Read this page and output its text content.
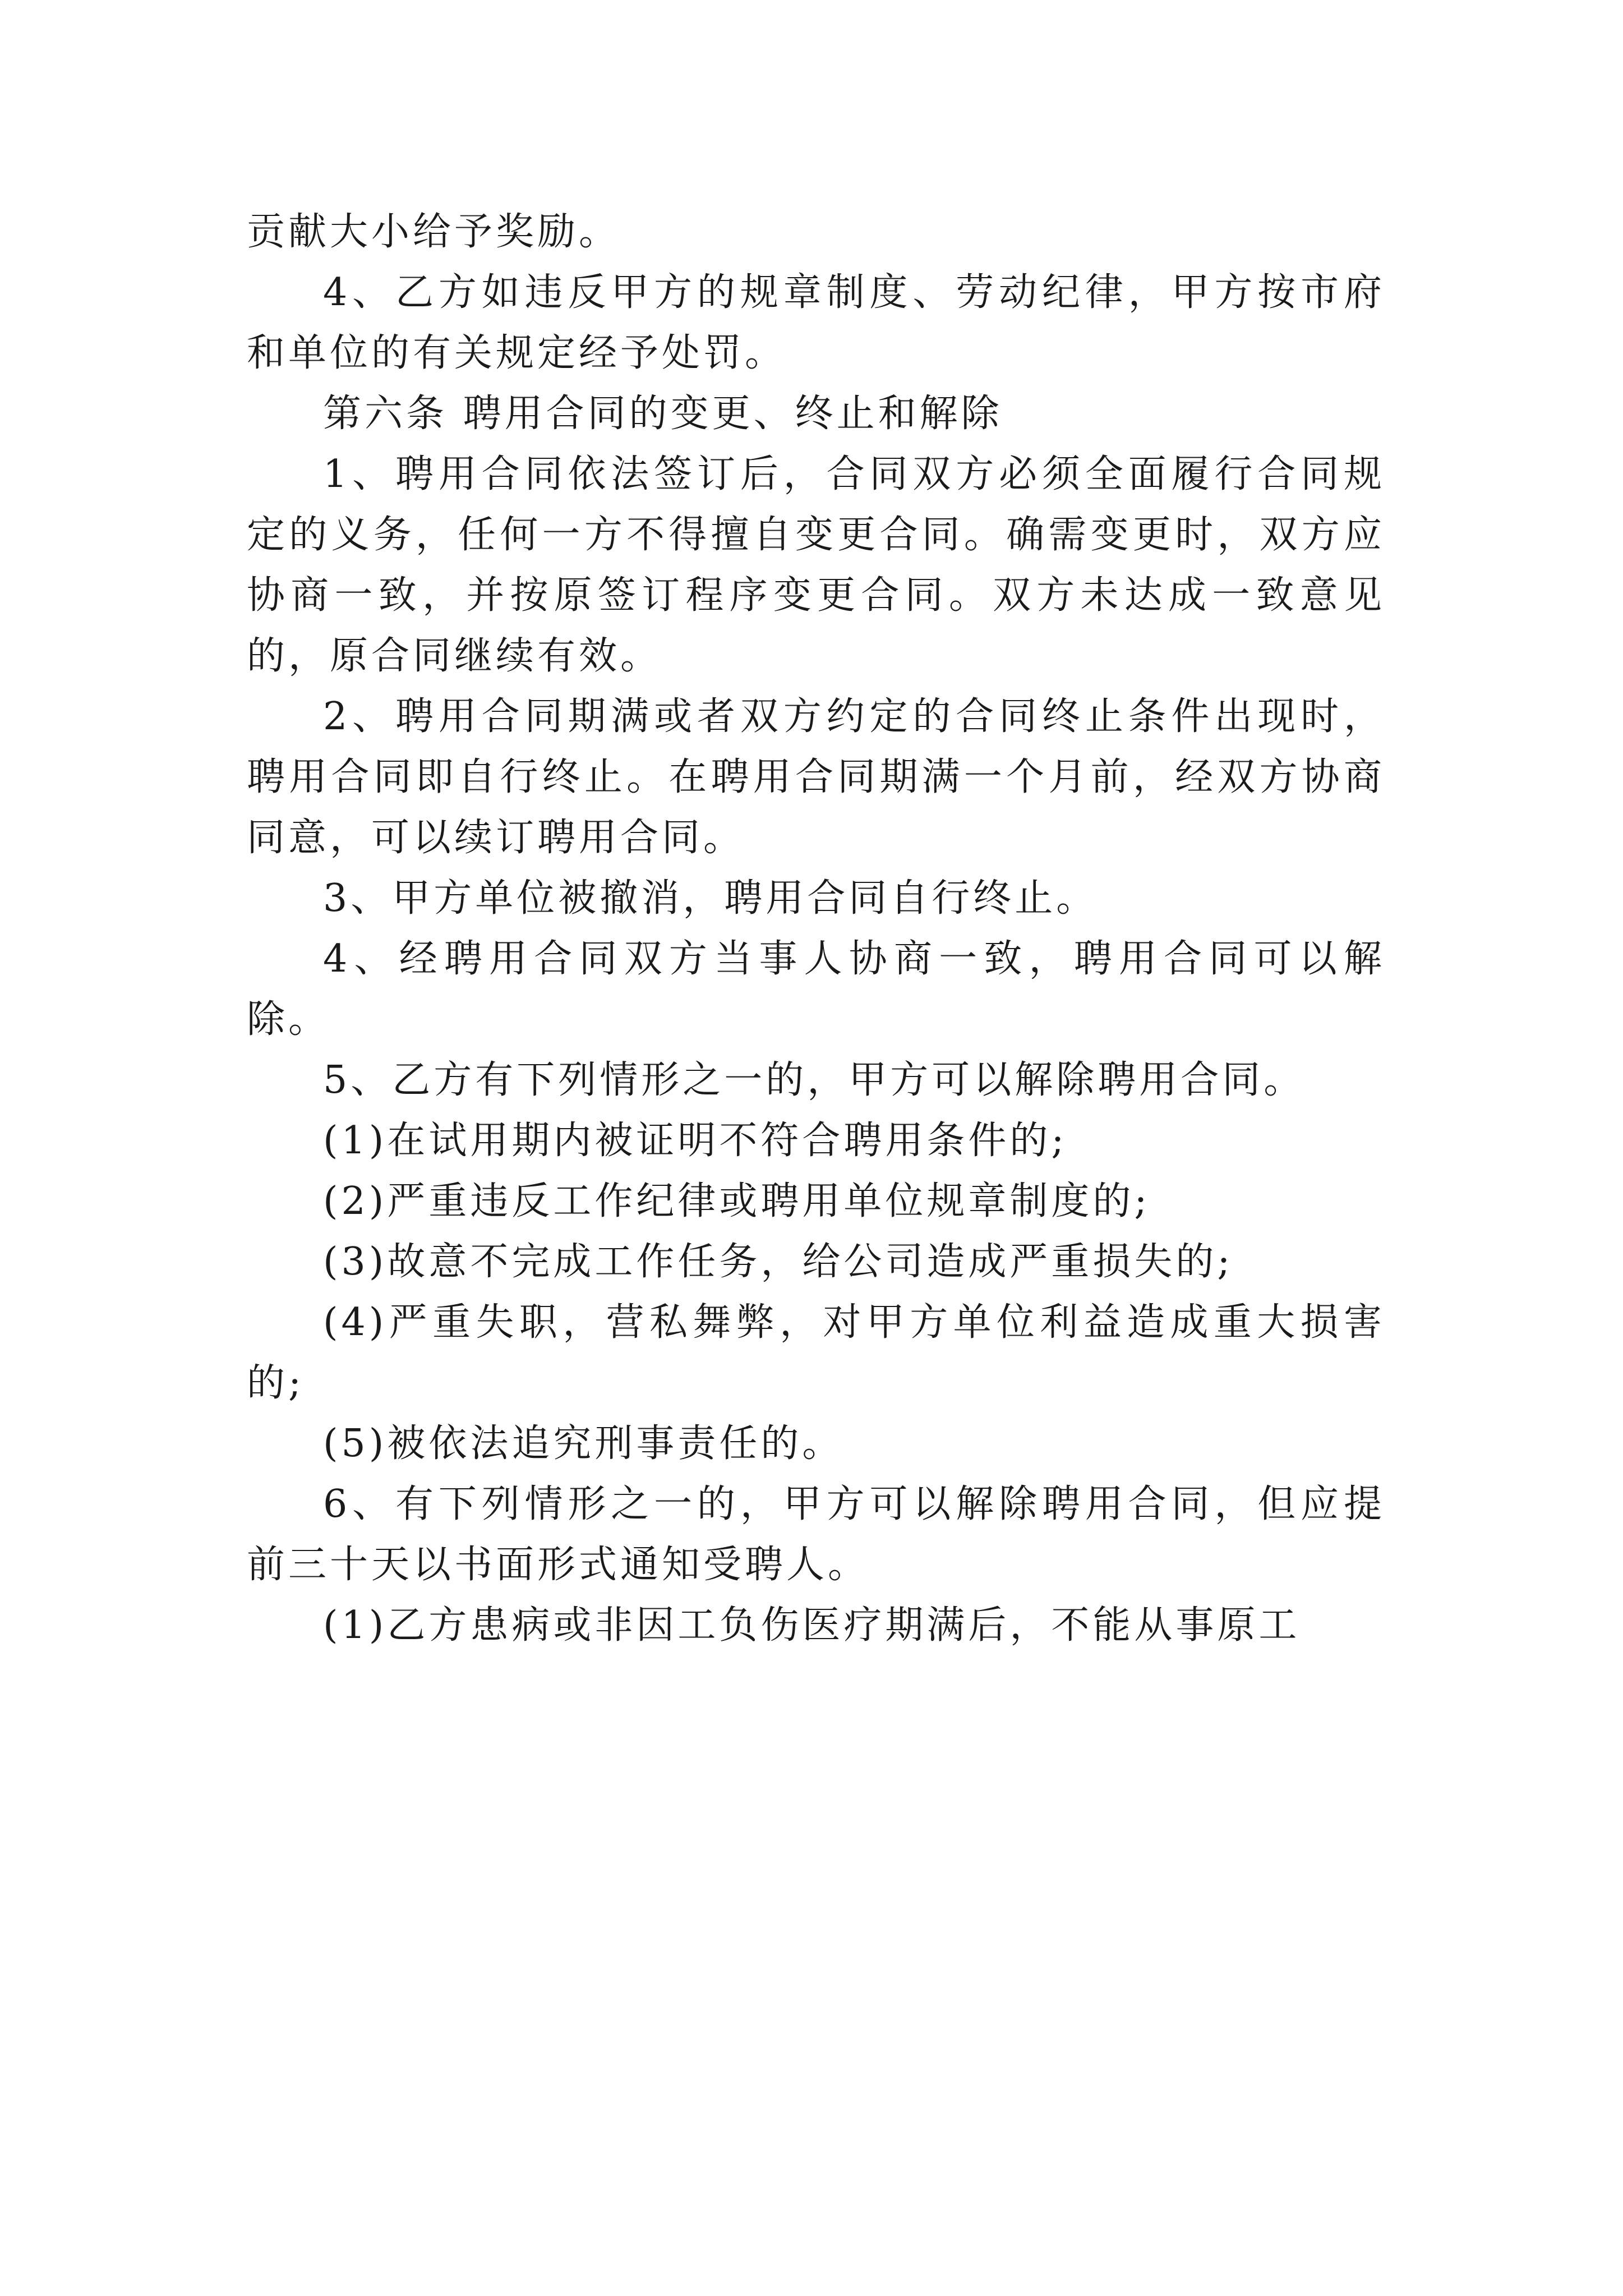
贡献大小给予奖励。

4、乙方如违反甲方的规章制度、劳动纪律，甲方按市府和单位的有关规定经予处罚。

第六条 聘用合同的变更、终止和解除

1、聘用合同依法签订后，合同双方必须全面履行合同规定的义务，任何一方不得擅自变更合同。确需变更时，双方应协商一致，并按原签订程序变更合同。双方未达成一致意见的，原合同继续有效。

2、聘用合同期满或者双方约定的合同终止条件出现时，聘用合同即自行终止。在聘用合同期满一个月前，经双方协商同意，可以续订聘用合同。

3、甲方单位被撤消，聘用合同自行终止。

4、经聘用合同双方当事人协商一致，聘用合同可以解除。

5、乙方有下列情形之一的，甲方可以解除聘用合同。

(1)在试用期内被证明不符合聘用条件的;

(2)严重违反工作纪律或聘用单位规章制度的;

(3)故意不完成工作任务，给公司造成严重损失的;

(4)严重失职，营私舞弊，对甲方单位利益造成重大损害的;

(5)被依法追究刑事责任的。

6、有下列情形之一的，甲方可以解除聘用合同，但应提前三十天以书面形式通知受聘人。

(1)乙方患病或非因工负伤医疗期满后，不能从事原工
